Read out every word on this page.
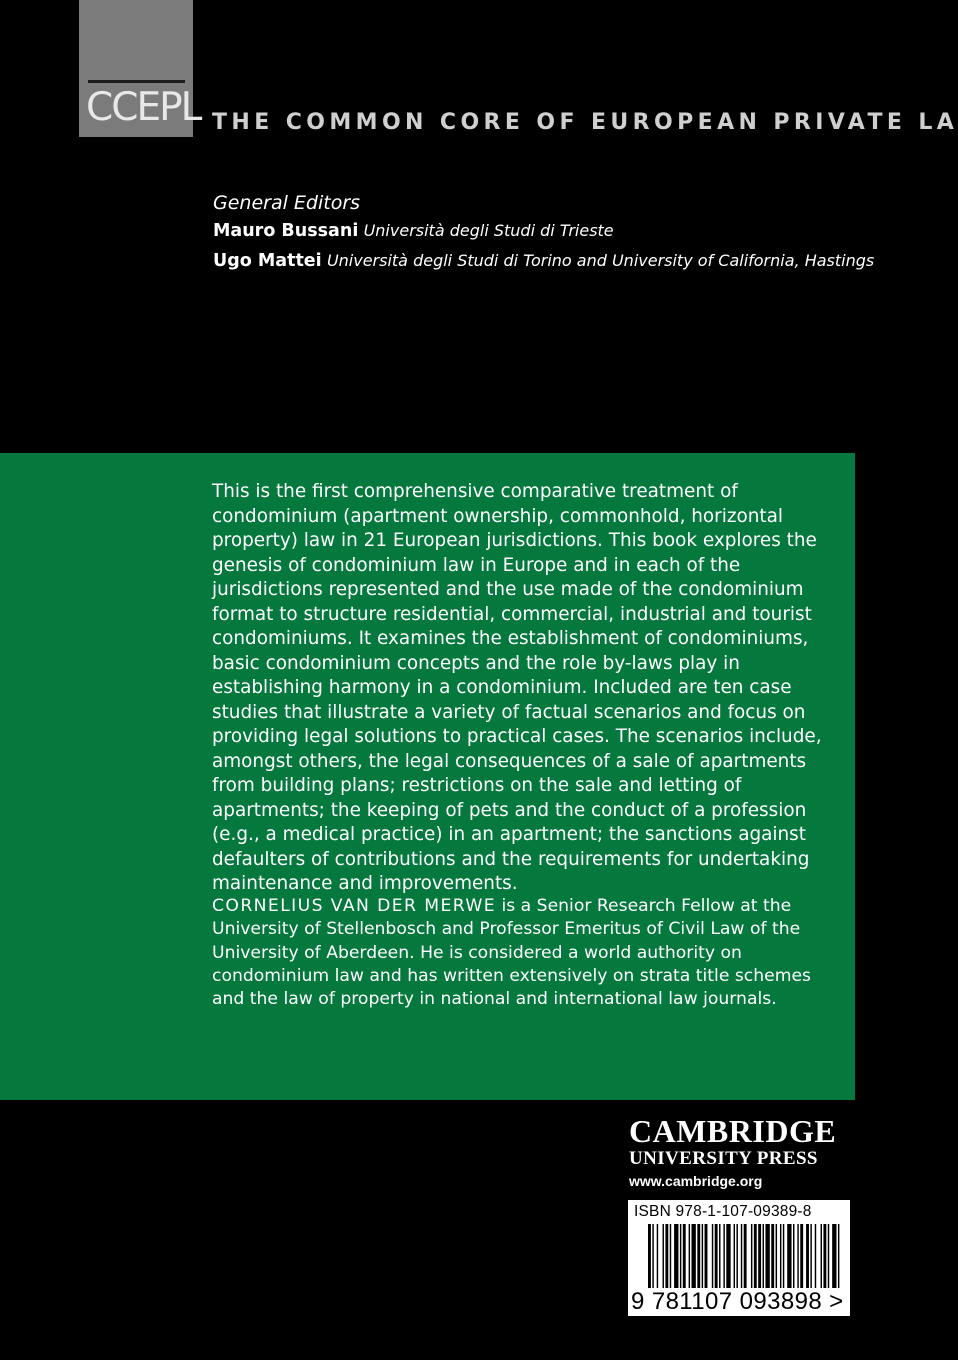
CCEPL THE COMMON CORE OF EUROPEAN PRIVATE LA
General Editors
Mauro Bussani Università degli Studi di Trieste
Ugo Mattei Università degli Studi di Torino and University of California, Hastings

This is the first comprehensive comparative treatment of condominium (apartment ownership, commonhold, horizontal property) law in 21 European jurisdictions. This book explores the genesis of condominium law in Europe and in each of the jurisdictions represented and the use made of the condominium format to structure residential, commercial, industrial and tourist condominiums. It examines the establishment of condominiums, basic condominium concepts and the role by-laws play in establishing harmony in a condominium. Included are ten case studies that illustrate a variety of factual scenarios and focus on providing legal solutions to practical cases. The scenarios include, amongst others, the legal consequences of a sale of apartments from building plans; restrictions on the sale and letting of apartments; the keeping of pets and the conduct of a profession (e.g., a medical practice) in an apartment; the sanctions against defaulters of contributions and the requirements for undertaking maintenance and improvements.

CORNELIUS VAN DER MERWE is a Senior Research Fellow at the University of Stellenbosch and Professor Emeritus of Civil Law of the University of Aberdeen. He is considered a world authority on condominium law and has written extensively on strata title schemes and the law of property in national and international law journals.

CAMBRIDGE
UNIVERSITY PRESS
www.cambridge.org
ISBN 978-1-107-09389-8
9 781107 093898 >
